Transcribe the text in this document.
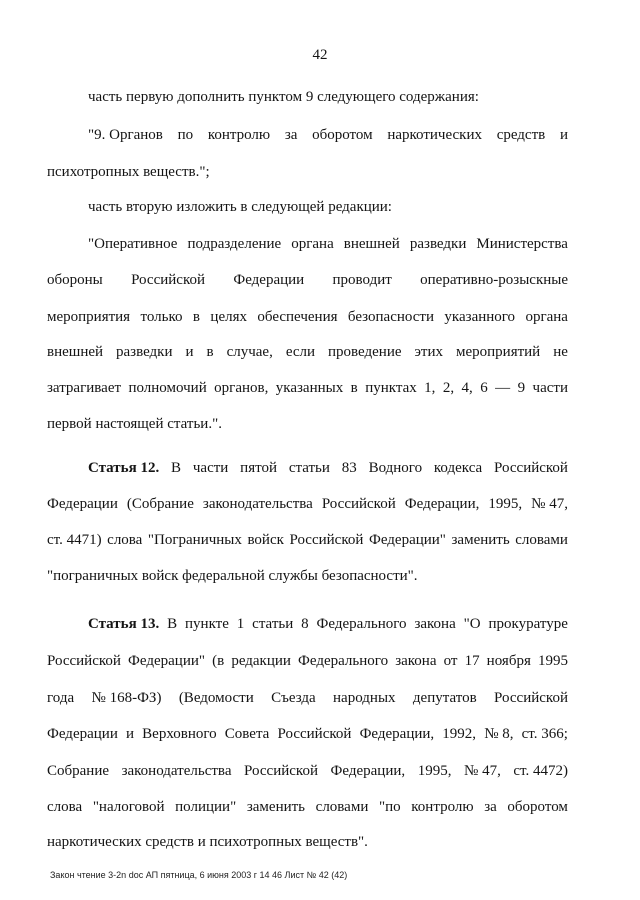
42
часть первую дополнить пунктом 9 следующего содержания:
"9. Органов по контролю за оборотом наркотических средств и
психотропных веществ.";
часть вторую изложить в следующей редакции:
"Оперативное подразделение органа внешней разведки Министерства
обороны Российской Федерации проводит оперативно-розыскные
мероприятия только в целях обеспечения безопасности указанного органа
внешней разведки и в случае, если проведение этих мероприятий не
затрагивает полномочий органов, указанных в пунктах 1, 2, 4, 6 — 9 части
первой настоящей статьи.".
Статья 12. В части пятой статьи 83 Водного кодекса Российской
Федерации (Собрание законодательства Российской Федерации, 1995, № 47,
ст. 4471) слова "Пограничных войск Российской Федерации" заменить словами
"пограничных войск федеральной службы безопасности".
Статья 13. В пункте 1 статьи 8 Федерального закона "О прокуратуре
Российской Федерации" (в редакции Федерального закона от 17 ноября 1995
года № 168-ФЗ) (Ведомости Съезда народных депутатов Российской
Федерации и Верховного Совета Российской Федерации, 1992, № 8, ст. 366;
Собрание законодательства Российской Федерации, 1995, № 47, ст. 4472)
слова "налоговой полиции" заменить словами "по контролю за оборотом
наркотических средств и психотропных веществ".
Закон чтение 3-2n doc АП пятница, 6 июня 2003 г 14 46 Лист № 42 (42)
